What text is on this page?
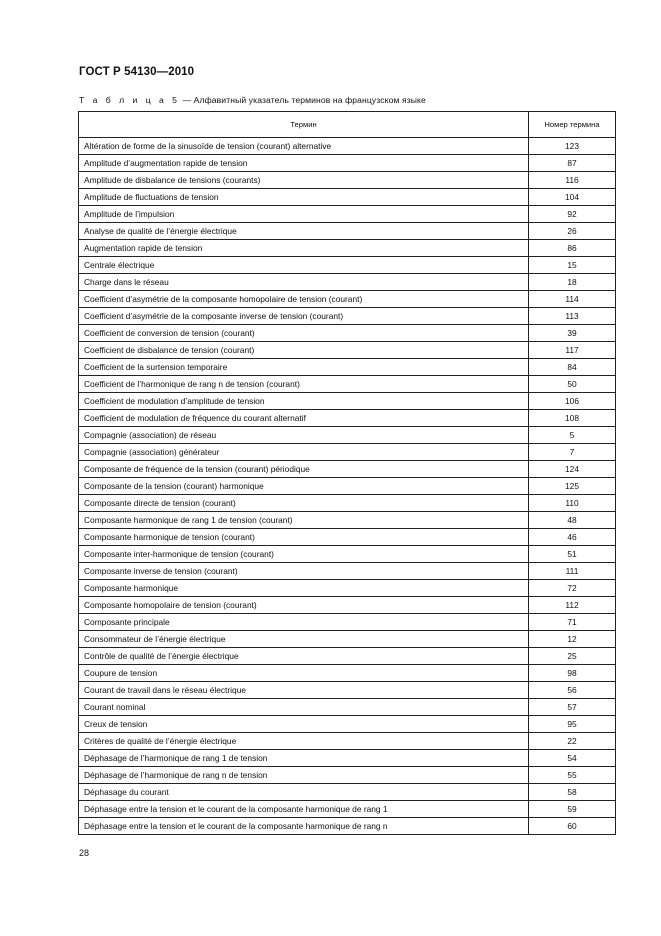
ГОСТ Р 54130—2010
Т а б л и ц а 5 — Алфавитный указатель терминов на французском языке
Термин	Номер термина
Altération de forme de la sinusoïde de tension (courant) alternative	123
Amplitude d’augmentation rapide de tension	87
Amplitude de disbalance de tensions (courants)	116
Amplitude de fluctuations de tension	104
Amplitude de l’impulsion	92
Analyse de qualité de l’énergie électrique	26
Augmentation rapide de tension	86
Centrale électrique	15
Charge dans le réseau	18
Coefficient d’asymétrie de la composante homopolaire de tension (courant)	114
Coefficient d’asymétrie de la composante inverse de tension (courant)	113
Coefficient de conversion de tension (courant)	39
Coefficient de disbalance de tension (courant)	117
Coefficient de la surtension temporaire	84
Coefficient de l’harmonique de rang n de tension (courant)	50
Coefficient de modulation d’amplitude de tension	106
Coefficient de modulation de fréquence du courant alternatif	108
Compagnie (association) de réseau	5
Compagnie (association) générateur	7
Composante de fréquence de la tension (courant) périodique	124
Composante de la tension (courant) harmonique	125
Composante directe de tension (courant)	110
Composante harmonique de rang 1 de tension (courant)	48
Composante harmonique de tension (courant)	46
Composante inter-harmonique de tension (courant)	51
Composante inverse de tension (courant)	111
Composante harmonique	72
Composante homopolaire de tension (courant)	112
Composante principale	71
Consommateur de l’énergie électrique	12
Contrôle de qualité de l’énergie électrique	25
Coupure de tension	98
Courant de travail dans le réseau électrique	56
Courant nominal	57
Creux de tension	95
Critères de qualité de l’énergie électrique	22
Déphasage de l’harmonique de rang 1 de tension	54
Déphasage de l’harmonique de rang n de tension	55
Déphasage du courant	58
Déphasage entre la tension et le courant de la composante harmonique de rang 1	59
Déphasage entre la tension et le courant de la composante harmonique de rang n	60
28
